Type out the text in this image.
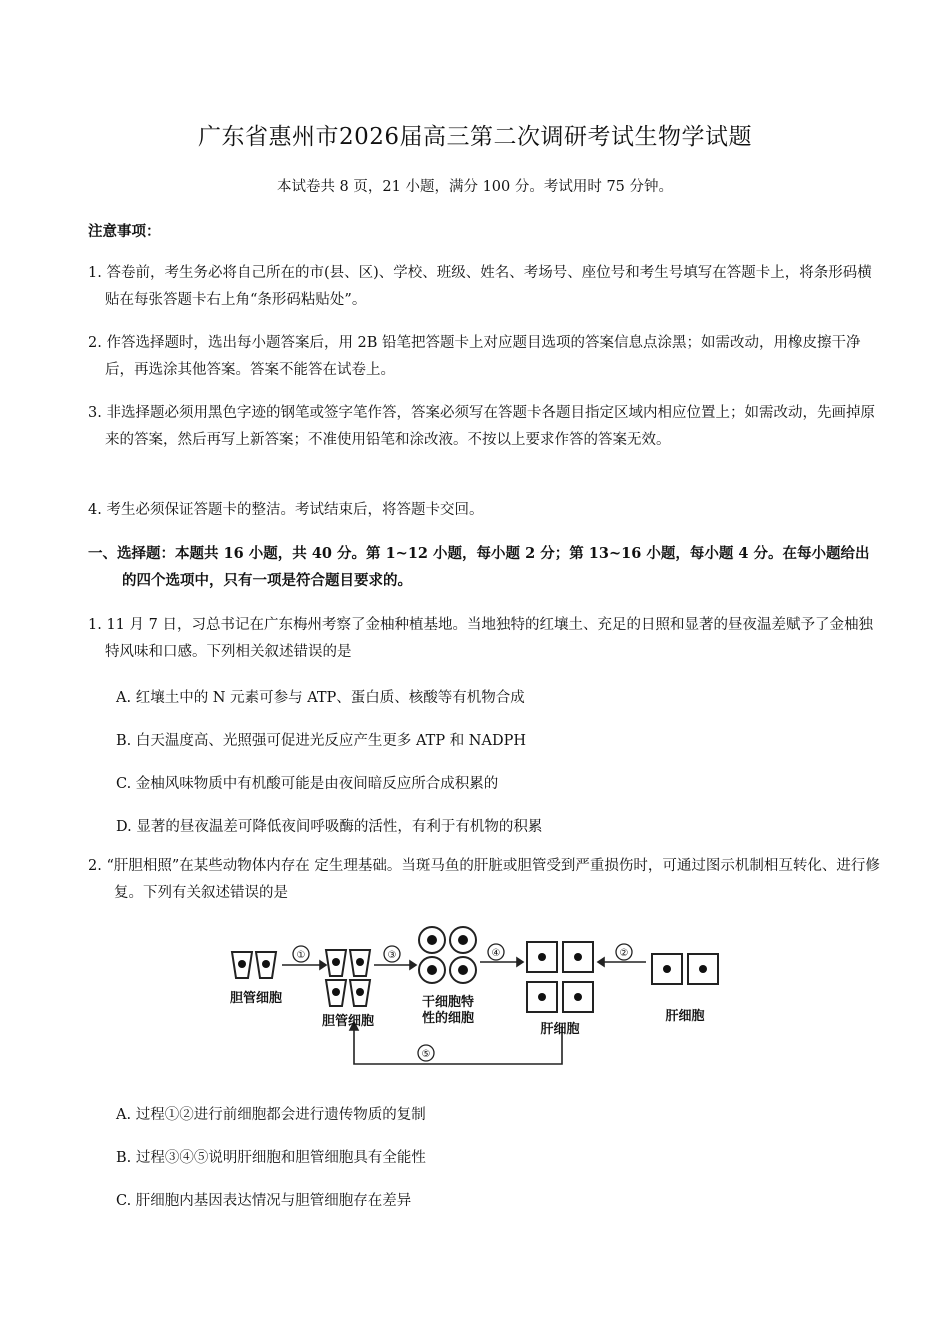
广东省惠州市2026届高三第二次调研考试生物学试题
本试卷共 8 页，21 小题，满分 100 分。考试用时 75 分钟。
注意事项：
1. 答卷前，考生务必将自己所在的市(县、区)、学校、班级、姓名、考场号、座位号和考生号填写在答题卡上，将条形码横贴在每张答题卡右上角“条形码粘贴处”。
2. 作答选择题时，选出每小题答案后，用 2B 铅笔把答题卡上对应题目选项的答案信息点涂黑；如需改动，用橡皮擦干净后，再选涂其他答案。答案不能答在试卷上。
3. 非选择题必须用黑色字迹的钢笔或签字笔作答，答案必须写在答题卡各题目指定区域内相应位置上；如需改动，先画掉原来的答案，然后再写上新答案；不准使用铅笔和涂改液。不按以上要求作答的答案无效。
4. 考生必须保证答题卡的整洁。考试结束后，将答题卡交回。
一、选择题：本题共 16 小题，共 40 分。第 1~12 小题，每小题 2 分；第 13~16 小题，每小题 4 分。在每小题给出的四个选项中，只有一项是符合题目要求的。
1. 11 月 7 日，习总书记在广东梅州考察了金柚种植基地。当地独特的红壤土、充足的日照和显著的昼夜温差赋予了金柚独特风味和口感。下列相关叙述错误的是
A. 红壤土中的 N 元素可参与 ATP、蛋白质、核酸等有机物合成
B. 白天温度高、光照强可促进光反应产生更多 ATP 和 NADPH
C. 金柚风味物质中有机酸可能是由夜间暗反应所合成积累的
D. 显著的昼夜温差可降低夜间呼吸酶的活性，有利于有机物的积累
2. “肝胆相照”在某些动物体内存在 定生理基础。当斑马鱼的肝脏或胆管受到严重损伤时，可通过图示机制相互转化、进行修复。下列有关叙述错误的是
①	②
③	④
⑤
胆管细胞
胆管细胞
干细胞特
性的细胞
肝细胞
肝细胞
A. 过程①②进行前细胞都会进行遗传物质的复制
B. 过程③④⑤说明肝细胞和胆管细胞具有全能性
C. 肝细胞内基因表达情况与胆管细胞存在差异
